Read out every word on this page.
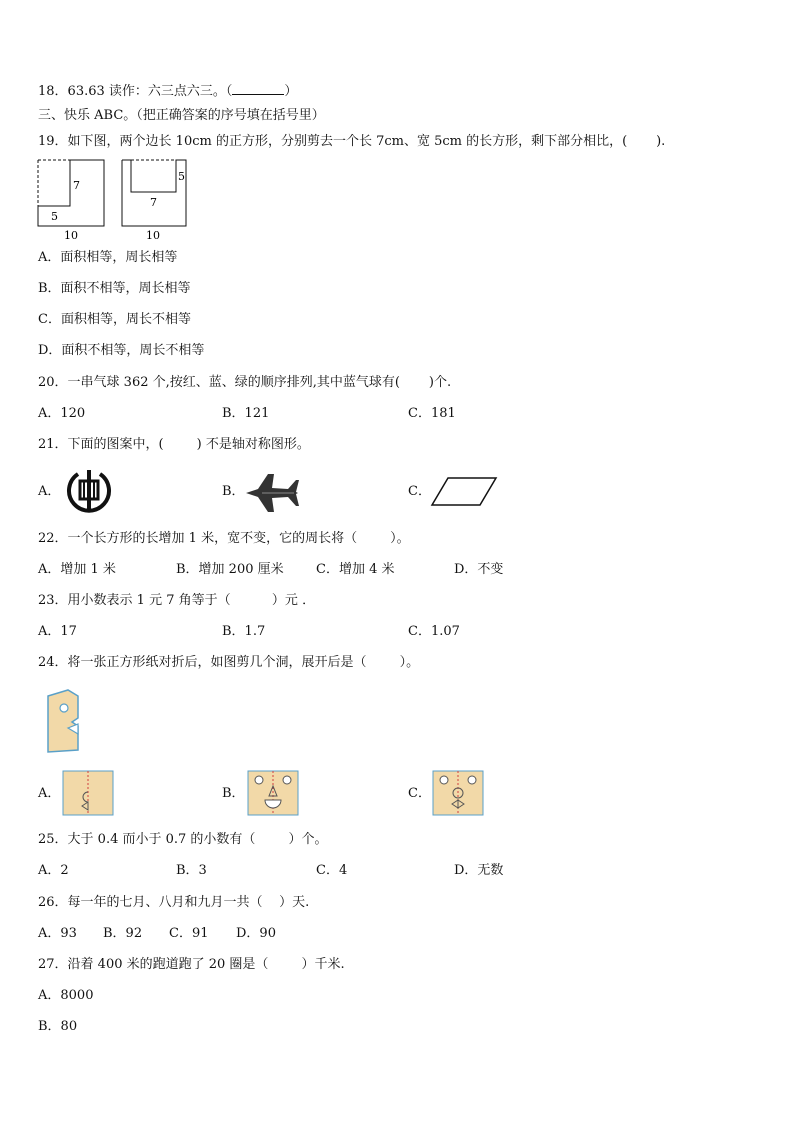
18．63.63 读作：六三点六三。（	）
三、快乐 ABC。（把正确答案的序号填在括号里）
19．如下图，两个边长 10cm 的正方形，分别剪去一个长 7cm、宽 5cm 的长方形，剩下部分相比，(       ).
7
5
10
7
5
10
A．面积相等，周长相等
B．面积不相等，周长相等
C．面积相等，周长不相等
D．面积不相等，周长不相等
20．一串气球 362 个,按红、蓝、绿的顺序排列,其中蓝气球有(       )个.
A．120	B．121	C．181
21．下面的图案中，(        ) 不是轴对称图形。
A．	B．	C．
22．一个长方形的长增加 1 米，宽不变，它的周长将（        ）。
A．增加 1 米	B．增加 200 厘米 C．增加 4 米	D．不变
23．用小数表示 1 元 7 角等于（          ）元 ．
A．17	B．1.7	C．1.07
24．将一张正方形纸对折后，如图剪几个洞，展开后是（        ）。
A．	B．	C．
25．大于 0.4 而小于 0.7 的小数有（        ）个。
A．2	B．3	C．4	D．无数
26．每一年的七月、八月和九月一共（    ）天.
A．93 B．92 C．91 D．90
27．沿着 400 米的跑道跑了 20 圈是（        ）千米.
A．8000
B．80
